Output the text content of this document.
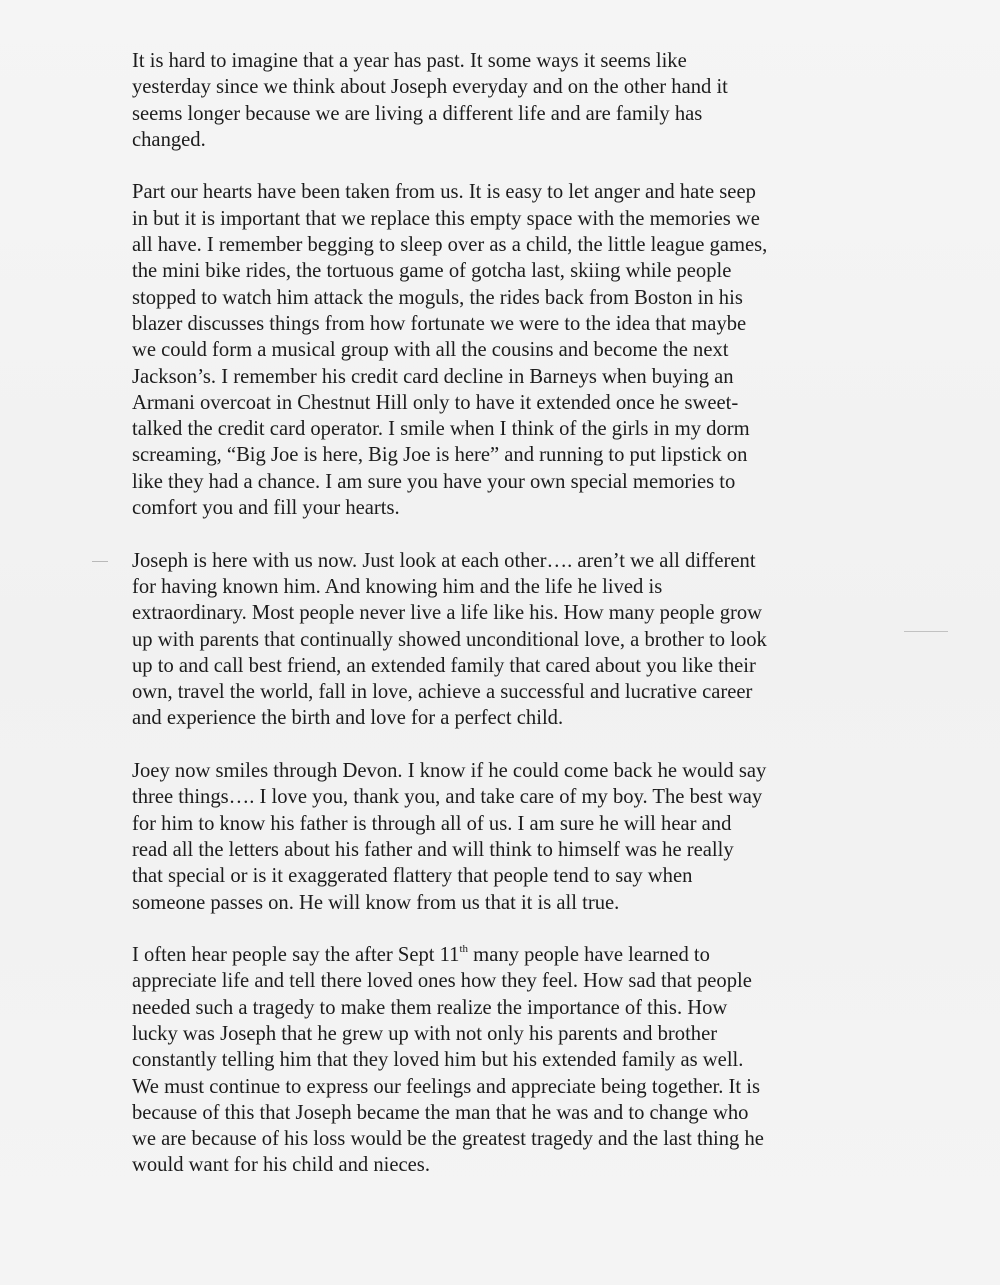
It is hard to imagine that a year has past. It some ways it seems like
yesterday since we think about Joseph everyday and on the other hand it
seems longer because we are living a different life and are family has
changed.

Part our hearts have been taken from us. It is easy to let anger and hate seep
in but it is important that we replace this empty space with the memories we
all have. I remember begging to sleep over as a child, the little league games,
the mini bike rides, the tortuous game of gotcha last, skiing while people
stopped to watch him attack the moguls, the rides back from Boston in his
blazer discusses things from how fortunate we were to the idea that maybe
we could form a musical group with all the cousins and become the next
Jackson’s. I remember his credit card decline in Barneys when buying an
Armani overcoat in Chestnut Hill only to have it extended once he sweet-
talked the credit card operator. I smile when I think of the girls in my dorm
screaming, “Big Joe is here, Big Joe is here” and running to put lipstick on
like they had a chance. I am sure you have your own special memories to
comfort you and fill your hearts.

Joseph is here with us now. Just look at each other…. aren’t we all different
for having known him. And knowing him and the life he lived is
extraordinary. Most people never live a life like his. How many people grow
up with parents that continually showed unconditional love, a brother to look
up to and call best friend, an extended family that cared about you like their
own, travel the world, fall in love, achieve a successful and lucrative career
and experience the birth and love for a perfect child.

Joey now smiles through Devon. I know if he could come back he would say
three things…. I love you, thank you, and take care of my boy. The best way
for him to know his father is through all of us. I am sure he will hear and
read all the letters about his father and will think to himself was he really
that special or is it exaggerated flattery that people tend to say when
someone passes on. He will know from us that it is all true.

I often hear people say the after Sept 11th many people have learned to
appreciate life and tell there loved ones how they feel. How sad that people
needed such a tragedy to make them realize the importance of this. How
lucky was Joseph that he grew up with not only his parents and brother
constantly telling him that they loved him but his extended family as well.
We must continue to express our feelings and appreciate being together. It is
because of this that Joseph became the man that he was and to change who
we are because of his loss would be the greatest tragedy and the last thing he
would want for his child and nieces.
